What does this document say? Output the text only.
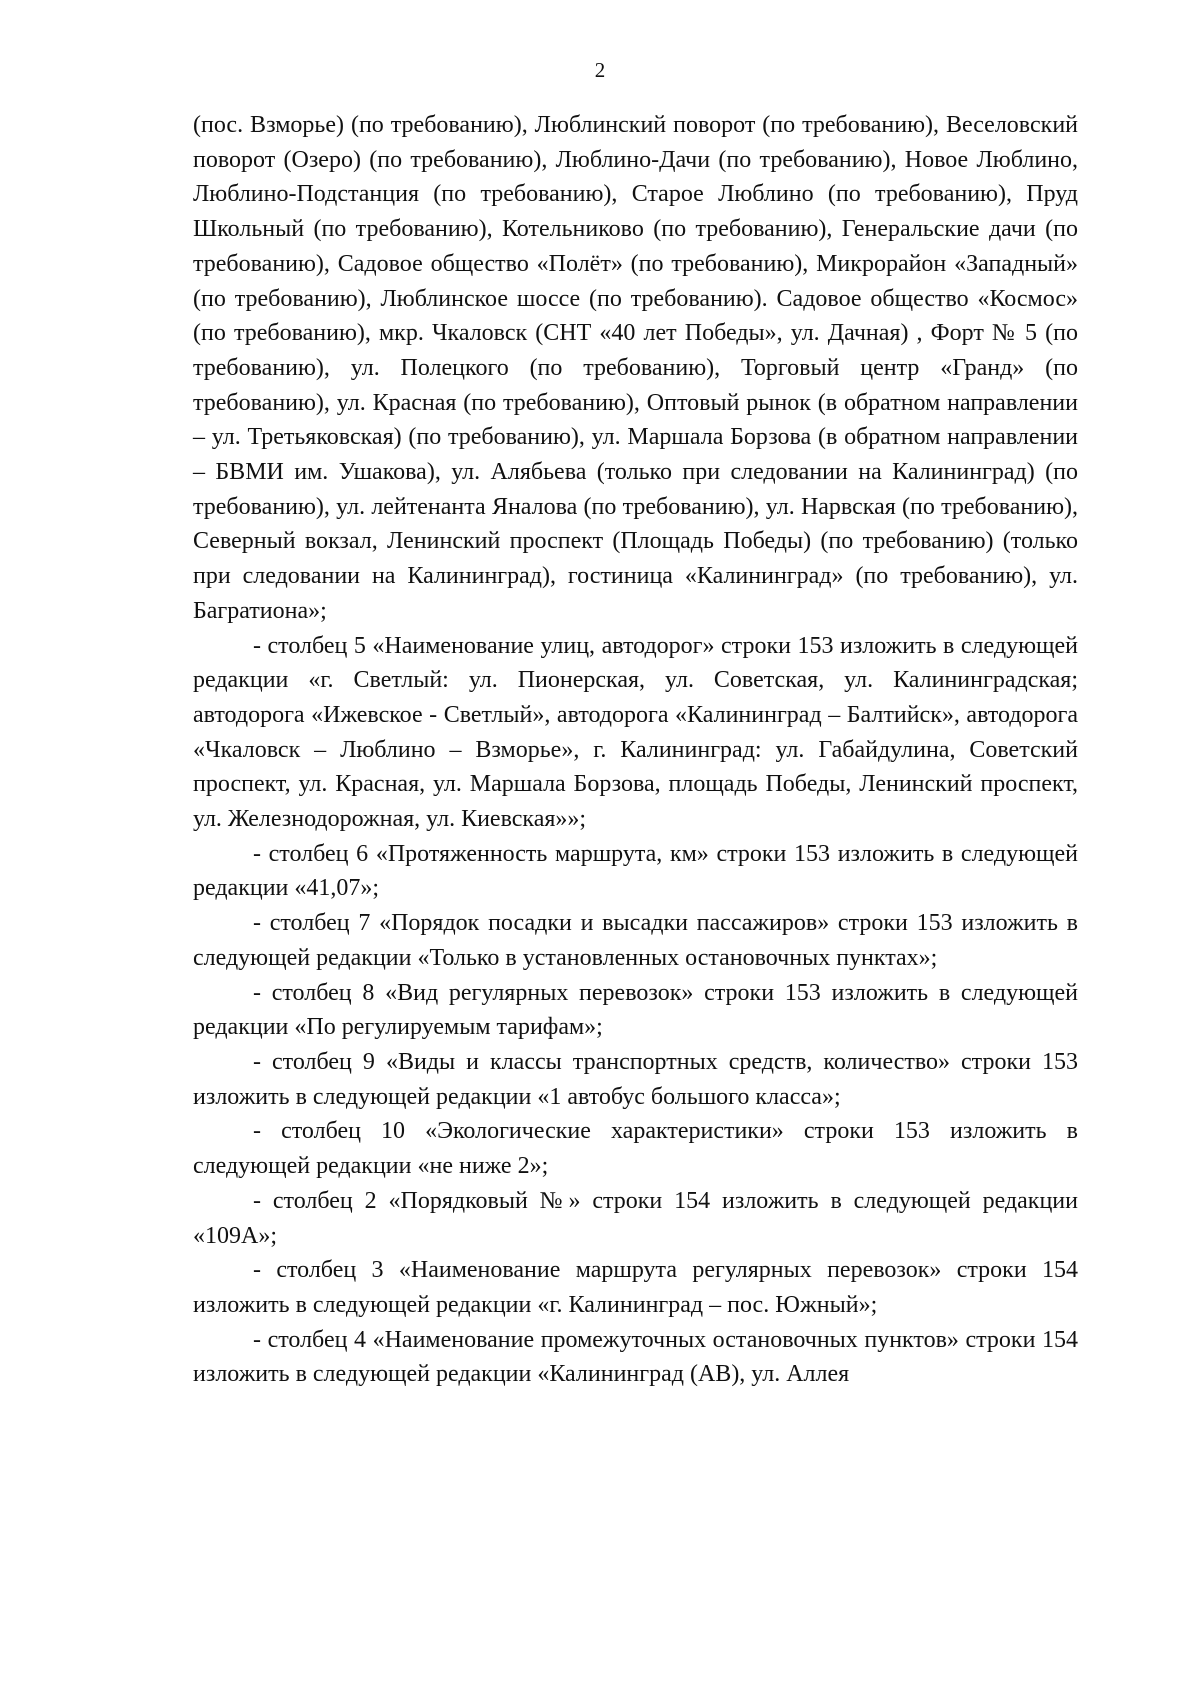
2

(пос. Взморье) (по требованию), Люблинский поворот (по требованию), Веселовский поворот (Озеро) (по требованию), Люблино-Дачи (по требованию), Новое Люблино, Люблино-Подстанция (по требованию), Старое Люблино (по требованию), Пруд Школьный (по требованию), Котельниково (по требованию), Генеральские дачи (по требованию), Садовое общество «Полёт» (по требованию), Микрорайон «Западный» (по требованию), Люблинское шоссе (по требованию). Садовое общество «Космос» (по требованию), мкр. Чкаловск (СНТ «40 лет Победы», ул. Дачная) , Форт № 5 (по требованию), ул. Полецкого (по требованию), Торговый центр «Гранд» (по требованию), ул. Красная (по требованию), Оптовый рынок (в обратном направлении – ул. Третьяковская) (по требованию), ул. Маршала Борзова (в обратном направлении – БВМИ им. Ушакова), ул. Алябьева (только при следовании на Калининград) (по требованию), ул. лейтенанта Яналова (по требованию), ул. Нарвская (по требованию), Северный вокзал, Ленинский проспект (Площадь Победы) (по требованию) (только при следовании на Калининград), гостиница «Калининград» (по требованию), ул. Багратиона»;

- столбец 5 «Наименование улиц, автодорог» строки 153 изложить в следующей редакции «г. Светлый: ул. Пионерская, ул. Советская, ул. Калининградская; автодорога «Ижевское - Светлый», автодорога «Калининград – Балтийск», автодорога «Чкаловск – Люблино – Взморье», г. Калининград: ул. Габайдулина, Советский проспект, ул. Красная, ул. Маршала Борзова, площадь Победы, Ленинский проспект, ул. Железнодорожная, ул. Киевская»»;

- столбец 6 «Протяженность маршрута, км» строки 153 изложить в следующей редакции «41,07»;

- столбец 7 «Порядок посадки и высадки пассажиров» строки 153 изложить в следующей редакции «Только в установленных остановочных пунктах»;

- столбец 8 «Вид регулярных перевозок» строки 153 изложить в следующей редакции «По регулируемым тарифам»;

- столбец 9 «Виды и классы транспортных средств, количество» строки 153 изложить в следующей редакции «1 автобус большого класса»;

- столбец 10 «Экологические характеристики» строки 153 изложить в следующей редакции «не ниже 2»;

- столбец 2 «Порядковый №» строки 154 изложить в следующей редакции «109А»;

- столбец 3 «Наименование маршрута регулярных перевозок» строки 154 изложить в следующей редакции «г. Калининград – пос. Южный»;

- столбец 4 «Наименование промежуточных остановочных пунктов» строки 154 изложить в следующей редакции «Калининград (АВ), ул. Аллея
